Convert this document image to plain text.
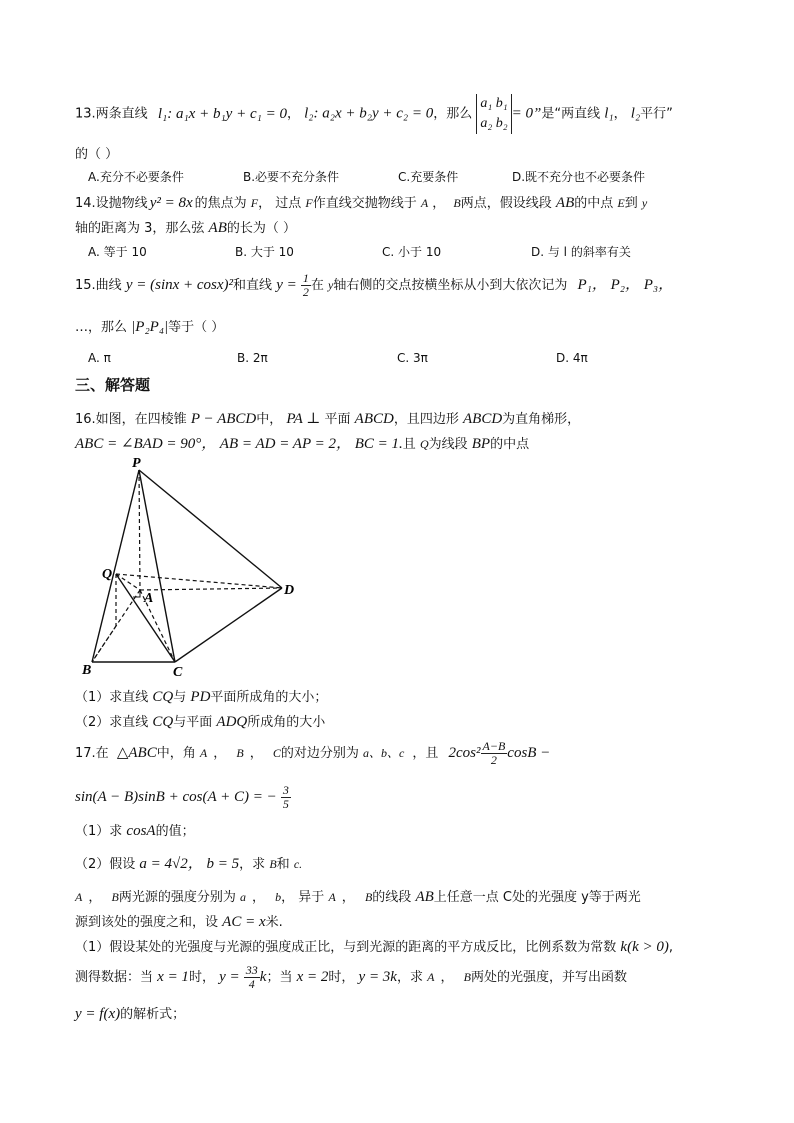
13.两条直线 l₁: a₁x + b₁y + c₁ = 0， l₂: a₂x + b₂y + c₂ = 0，那么
a₁ b₁
a₂ b₂
= 0”是“两直线 l₁， l₂平行”
的（ ）
A.充分不必要条件	B.必要不充分条件	C.充要条件	D.既不充分也不必要条件
14.设抛物线 y² = 8x 的焦点为 F， 过点 F作直线交抛物线于 A ， B两点，假设线段 AB的中点 E到 y
轴的距离为 3，那么弦 AB的长为（ ）
A. 等于 10	B. 大于 10	C. 小于 10	D. 与 l 的斜率有关
15.曲线 y = (sinx + cosx)²和直线 $y = \frac{1}{2}$ 在 y轴右侧的交点按横坐标从小到大依次记为 P₁， P₂， P₃，
…，那么 |P₂P₄|等于（ ）
A. π	B. 2π	C. 3π	D. 4π
三、解答题
16.如图，在四棱锥 P − ABCD中， PA ⊥ 平面 ABCD，且四边形 ABCD为直角梯形，
ABC = ∠BAD = 90°， AB = AD = AP = 2， BC = 1.且 Q为线段 BP的中点
P
Q
A
D
B	C
（1）求直线 CQ与 PD平面所成角的大小；
（2）求直线 CQ与平面 ADQ所成角的大小
17.在 △ABC中，角 A ， B ， C的对边分别为 a、b、c ，且 $2\cos^2 \frac{A-B}{2}$ cosB −
sin(A − B)sinB + cos(A + C) = − $\frac{3}{5}$
（1）求 cosA的值；
（2）假设 a = 4√2， b = 5，求 B和 c.
A ， B两光源的强度分别为 a ， b， 异于 A ， B的线段 AB上任意一点 C处的光强度 y等于两光
源到该处的强度之和，设 AC = x米.
（1）假设某处的光强度与光源的强度成正比，与到光源的距离的平方成反比，比例系数为常数 k(k > 0),
测得数据：当 x = 1时， $y = \frac{33}{4}$ k；当 x = 2时， y = 3k，求 A ， B两处的光强度，并写出函数
y = f(x)的解析式；
